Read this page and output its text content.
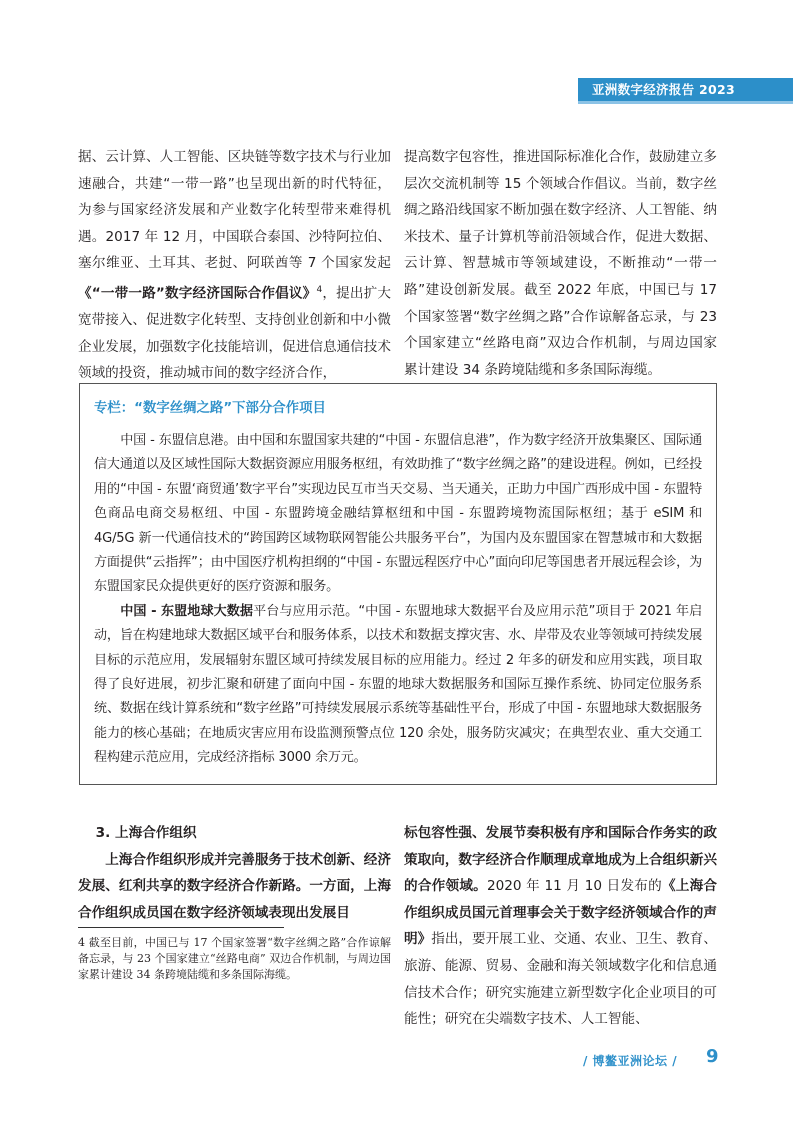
亚洲数字经济报告 2023

据、云计算、人工智能、区块链等数字技术与行业加速融合，共建“一带一路”也呈现出新的时代特征，为参与国家经济发展和产业数字化转型带来难得机遇。2017 年 12 月，中国联合泰国、沙特阿拉伯、塞尔维亚、土耳其、老挝、阿联酋等 7 个国家发起《“一带一路”数字经济国际合作倡议》$^4$，提出扩大宽带接入、促进数字化转型、支持创业创新和中小微企业发展，加强数字化技能培训，促进信息通信技术领域的投资，推动城市间的数字经济合作，

提高数字包容性，推进国际标准化合作，鼓励建立多层次交流机制等 15 个领域合作倡议。当前，数字丝绸之路沿线国家不断加强在数字经济、人工智能、纳米技术、量子计算机等前沿领域合作，促进大数据、云计算、智慧城市等领域建设，不断推动“一带一路”建设创新发展。截至 2022 年底，中国已与 17 个国家签署“数字丝绸之路”合作谅解备忘录，与 23 个国家建立“丝路电商”双边合作机制，与周边国家累计建设 34 条跨境陆缆和多条国际海缆。

专栏：“数字丝绸之路”下部分合作项目

中国 - 东盟信息港。由中国和东盟国家共建的“中国 - 东盟信息港”，作为数字经济开放集聚区、国际通信大通道以及区域性国际大数据资源应用服务枢纽，有效助推了“数字丝绸之路”的建设进程。例如，已经投用的“中国 - 东盟‘商贸通’数字平台”实现边民互市当天交易、当天通关，正助力中国广西形成中国 - 东盟特色商品电商交易枢纽、中国 - 东盟跨境金融结算枢纽和中国 - 东盟跨境物流国际枢纽；基于 eSIM 和 4G/5G 新一代通信技术的“跨国跨区域物联网智能公共服务平台”，为国内及东盟国家在智慧城市和大数据方面提供“云指挥”；由中国医疗机构担纲的“中国 - 东盟远程医疗中心”面向印尼等国患者开展远程会诊，为东盟国家民众提供更好的医疗资源和服务。

中国 - 东盟地球大数据平台与应用示范。“中国 - 东盟地球大数据平台及应用示范”项目于 2021 年启动，旨在构建地球大数据区域平台和服务体系，以技术和数据支撑灾害、水、岸带及农业等领域可持续发展目标的示范应用，发展辐射东盟区域可持续发展目标的应用能力。经过 2 年多的研发和应用实践，项目取得了良好进展，初步汇聚和研建了面向中国 - 东盟的地球大数据服务和国际互操作系统、协同定位服务系统、数据在线计算系统和“数字丝路”可持续发展展示系统等基础性平台，形成了中国 - 东盟地球大数据服务能力的核心基础；在地质灾害应用布设监测预警点位 120 余处，服务防灾减灾；在典型农业、重大交通工程构建示范应用，完成经济指标 3000 余万元。

3. 上海合作组织

上海合作组织形成并完善服务于技术创新、经济发展、红利共享的数字经济合作新路。一方面，上海合作组织成员国在数字经济领域表现出发展目

标包容性强、发展节奏积极有序和国际合作务实的政策取向，数字经济合作顺理成章地成为上合组织新兴的合作领域。2020 年 11 月 10 日发布的《上海合作组织成员国元首理事会关于数字经济领域合作的声明》指出，要开展工业、交通、农业、卫生、教育、旅游、能源、贸易、金融和海关领域数字化和信息通信技术合作；研究实施建立新型数字化企业项目的可能性；研究在尖端数字技术、人工智能、

4 截至目前，中国已与 17 个国家签署“数字丝绸之路”合作谅解备忘录，与 23 个国家建立“丝路电商” 双边合作机制，与周边国家累计建设 34 条跨境陆缆和多条国际海缆。

/ 博鳌亚洲论坛 / 9
